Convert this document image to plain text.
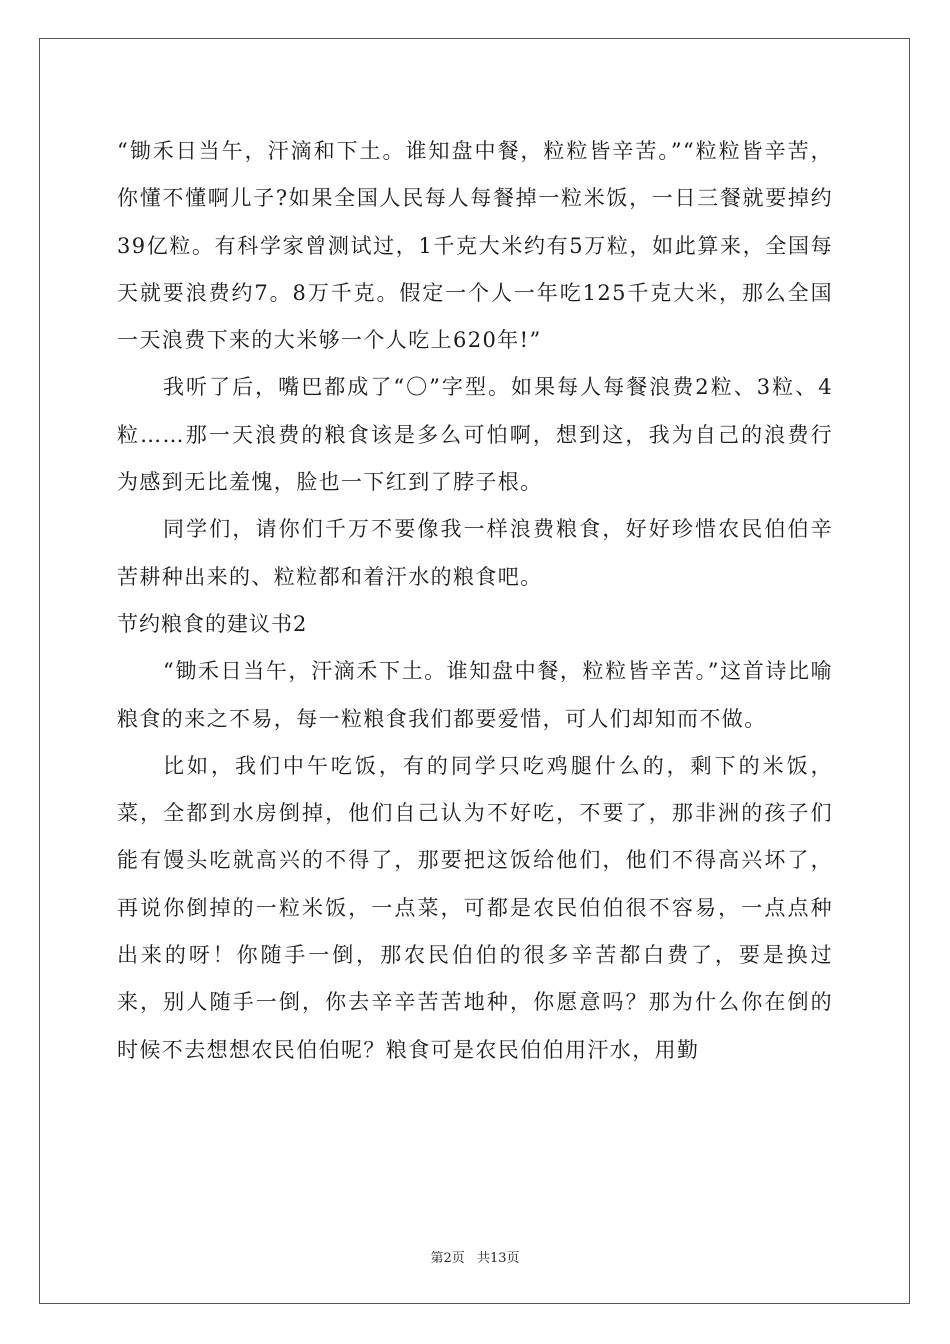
“锄禾日当午，汗滴和下土。谁知盘中餐，粒粒皆辛苦。”“粒粒皆辛苦，你懂不懂啊儿子?如果全国人民每人每餐掉一粒米饭，一日三餐就要掉约39亿粒。有科学家曾测试过，1千克大米约有5万粒，如此算来，全国每天就要浪费约7。8万千克。假定一个人一年吃125千克大米，那么全国一天浪费下来的大米够一个人吃上620年!”

我听了后，嘴巴都成了“〇”字型。如果每人每餐浪费2粒、3粒、4粒……那一天浪费的粮食该是多么可怕啊，想到这，我为自己的浪费行为感到无比羞愧，脸也一下红到了脖子根。

同学们，请你们千万不要像我一样浪费粮食，好好珍惜农民伯伯辛苦耕种出来的、粒粒都和着汗水的粮食吧。

节约粮食的建议书2

“锄禾日当午，汗滴禾下土。谁知盘中餐，粒粒皆辛苦。”这首诗比喻粮食的来之不易，每一粒粮食我们都要爱惜，可人们却知而不做。

比如，我们中午吃饭，有的同学只吃鸡腿什么的，剩下的米饭，菜，全都到水房倒掉，他们自己认为不好吃，不要了，那非洲的孩子们能有馒头吃就高兴的不得了，那要把这饭给他们，他们不得高兴坏了，再说你倒掉的一粒米饭，一点菜，可都是农民伯伯很不容易，一点点种出来的呀！你随手一倒，那农民伯伯的很多辛苦都白费了，要是换过来，别人随手一倒，你去辛辛苦苦地种，你愿意吗？那为什么你在倒的时候不去想想农民伯伯呢？粮食可是农民伯伯用汗水，用勤

第2页 共13页
